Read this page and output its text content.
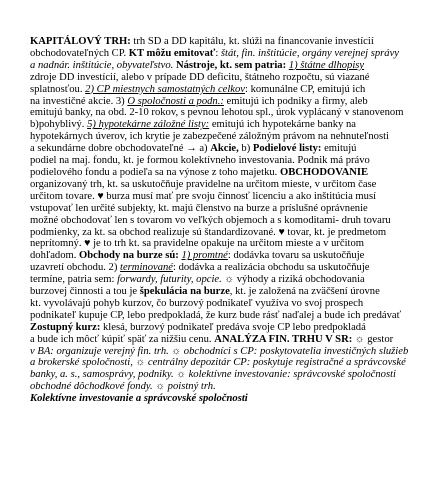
KAPITÁLOVÝ TRH: trh SD a DD kapitálu, kt. slúži na financovanie investícií
obchodovateľných CP. KT môžu emitovať: štát, fin. inštitúcie, orgány verejnej správy
a nadnár. inštitúcie, obyvateľstvo. Nástroje, kt. sem patria: 1) štátne dlhopisy
zdroje DD investícií, alebo v prípade DD deficitu, štátneho rozpočtu, sú viazané
splatnosťou. 2) CP miestnych samostatných celkov: komunálne CP, emitujú ich
na investičné akcie. 3) O spoločnosti a podn.: emitujú ich podniky a firmy, aleb
emitujú banky, na obd. 2-10 rokov, s pevnou lehotou spl., úrok vyplácaný v stanovenom
b)pohyblivý. 5) hypotekárne záložné listy: emitujú ich hypotekárne banky na
hypotekárnych úverov, ich krytie je zabezpečené záložným právom na nehnuteľnosti
a sekundárne dobre obchodovateľné → a) Akcie, b) Podielové listy: emitujú
podiel na maj. fondu, kt. je formou kolektívneho investovania. Podnik má právo
podielového fondu a podieľa sa na výnose z toho majetku. OBCHODOVANIE
organizovaný trh, kt. sa uskutočňuje pravidelne na určitom mieste, v určitom čase
určitom tovare. ♥ burza musí mať pre svoju činnosť licenciu a ako inštitúcia musí
vstupovať len určité subjekty, kt. majú členstvo na burze a príslušné oprávnenie
možné obchodovať len s tovarom vo veľkých objemoch a s komoditami- druh tovaru
podmienky, za kt. sa obchod realizuje sú štandardizované. ♥ tovar, kt. je predmetom
neprítomný. ♥ je to trh kt. sa pravidelne opakuje na určitom mieste a v určitom
dohľadom. Obchody na burze sú: 1) promtné: dodávka tovaru sa uskutočňuje
uzavretí obchodu. 2) terminované: dodávka a realizácia obchodu sa uskutočňuje
termíne, patria sem: forwardy, futurity, opcie. ☼ výhody a riziká obchodovania
burzovej činnosti a tou je špekulácia na burze, kt. je založená na zväčšení úrovne
kt. vyvolávajú pohyb kurzov, čo burzový podnikateľ využíva vo svoj prospech
podnikateľ kupuje CP, lebo predpokladá, že kurz bude rásť naďalej a bude ich predávať
Zostupný kurz: klesá, burzový podnikateľ predáva svoje CP lebo predpokladá
a bude ich môcť kúpiť späť za nižšiu cenu. ANALÝZA FIN. TRHU V SR: ☼ gestor
v BA: organizuje verejný fin. trh. ☼ obchodníci s CP: poskytovatelia investičných služieb
a brokerské spoločnosti, ☼ centrálny depozitár CP: poskytuje registračné a správcovské
banky, a. s., samosprávy, podniky. ☼ kolektívne investovanie: správcovské spoločnosti
obchodné dôchodkové fondy. ☼ poistný trh.
Kolektívne investovanie a správcovské spoločnosti
